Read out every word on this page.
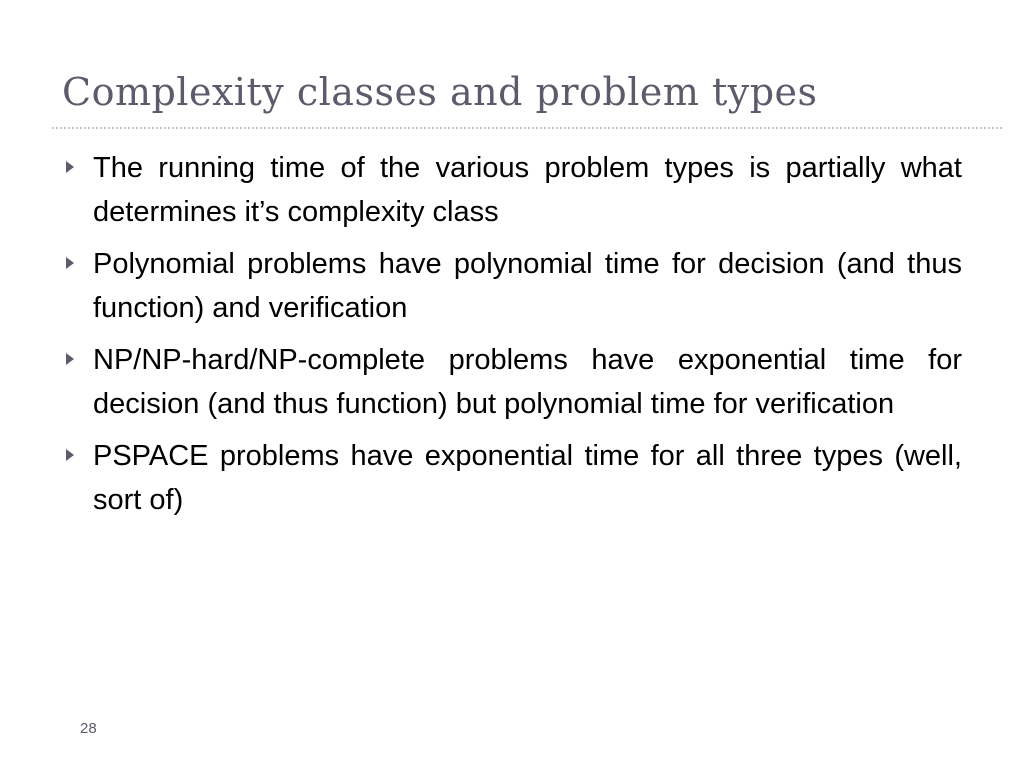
Complexity classes and problem types
The running time of the various problem types is partially what determines it’s complexity class
Polynomial problems have polynomial time for decision (and thus function) and verification
NP/NP-hard/NP-complete problems have exponential time for decision (and thus function) but polynomial time for verification
PSPACE problems have exponential time for all three types (well, sort of)
28
